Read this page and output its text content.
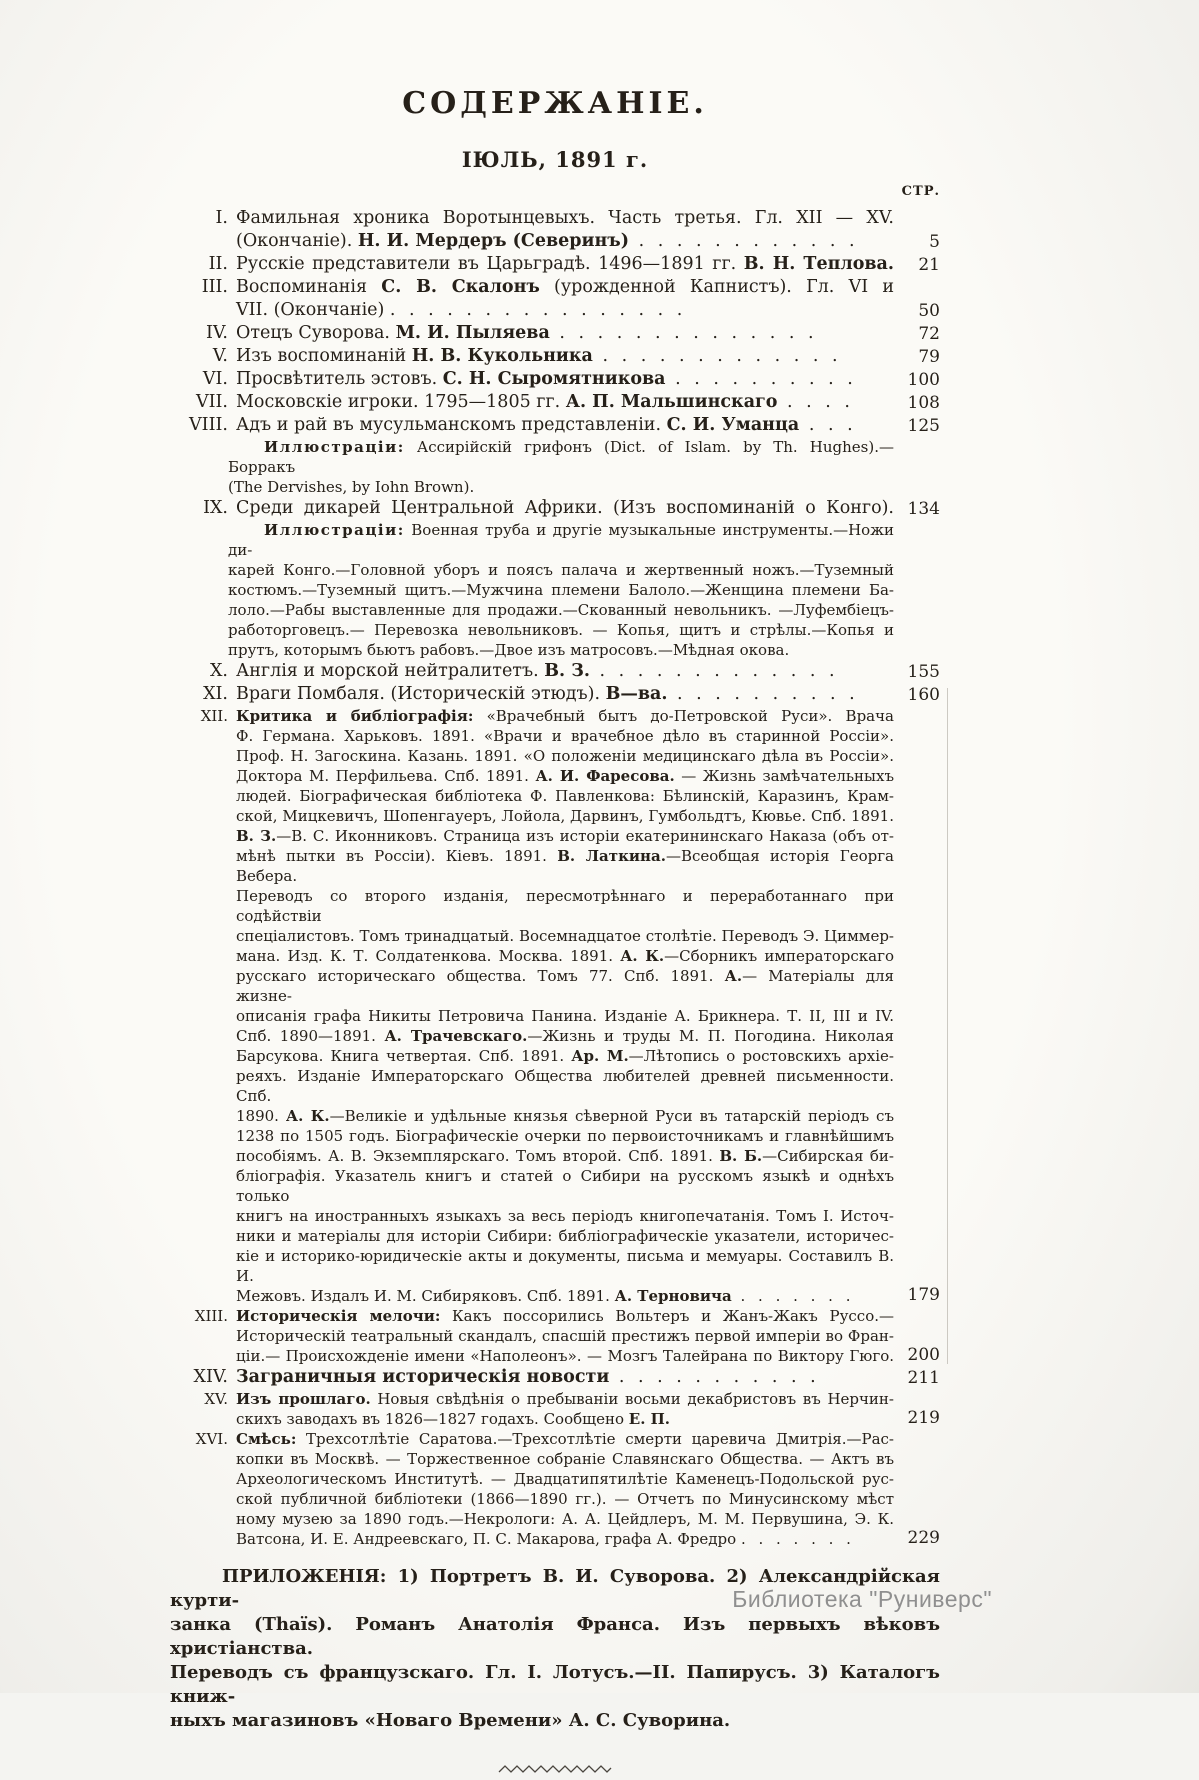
СОДЕРЖАНІЕ.
ІЮЛЬ, 1891 г.
СТР.
I. Фамильная хроника Воротынцевыхъ. Часть третья. Гл. XII — XV.
(Окончаніе). Н. И. Мердеръ (Северинъ) . . . . . . . . . . . .	5
II. Русскіе представители въ Царьградѣ. 1496—1891 гг. В. Н. Теплова.	21
III. Воспоминанія С. В. Скалонъ (урожденной Капнистъ). Гл. VI и
VII. (Окончаніе) . . . . . . . . . . . . . . . .	50
IV. Отецъ Суворова. М. И. Пыляева . . . . . . . . . . . . . .	72
V. Изъ воспоминаній Н. В. Кукольника . . . . . . . . . . . . .	79
VI. Просвѣтитель эстовъ. С. Н. Сыромятникова . . . . . . . . . .	100
VII. Московскіе игроки. 1795—1805 гг. А. П. Мальшинскаго . . . .	108
VIII. Адъ и рай въ мусульманскомъ представленіи. С. И. Уманца . . .	125
Иллюстраціи: Ассирійскій грифонъ (Dict. of Islam. by Th. Hughes).—Борракъ
(The Dervishes, by Iohn Brown).
IX. Среди дикарей Центральной Африки. (Изъ воспоминаній о Конго). 134
Иллюстраціи: Военная труба и другіе музыкальные инструменты.—Ножи ди-
карей Конго.—Головной уборъ и поясъ палача и жертвенный ножъ.—Туземный
костюмъ.—Туземный щитъ.—Мужчина племени Балоло.—Женщина племени Ба-
лоло.—Рабы выставленные для продажи.—Скованный невольникъ. —Луфембіецъ-
работорговецъ.— Перевозка невольниковъ. — Копья, щитъ и стрѣлы.—Копья и
прутъ, которымъ бьютъ рабовъ.—Двое изъ матросовъ.—Мѣдная окова.
X. Англія и морской нейтралитетъ. В. З. . . . . . . . . . . . . .	155
XI. Враги Помбаля. (Историческій этюдъ). В—ва. . . . . . . . . . .	160
XII. Критика и библіографія: «Врачебный бытъ до-Петровской Руси». Врача
Ф. Германа. Харьковъ. 1891. «Врачи и врачебное дѣло въ старинной Россіи».
Проф. Н. Загоскина. Казань. 1891. «О положеніи медицинскаго дѣла въ Россіи».
Доктора М. Перфильева. Спб. 1891. А. И. Фаресова. — Жизнь замѣчательныхъ
людей. Біографическая библіотека Ф. Павленкова: Бѣлинскій, Каразинъ, Крам-
ской, Мицкевичъ, Шопенгауеръ, Лойола, Дарвинъ, Гумбольдтъ, Кювье. Спб. 1891.
В. З.—В. С. Иконниковъ. Страница изъ исторіи екатерининскаго Наказа (объ от-
мѣнѣ пытки въ Россіи). Кіевъ. 1891. В. Латкина.—Всеобщая исторія Георга Вебера.
Переводъ со второго изданія, пересмотрѣннаго и переработаннаго при содѣйствіи
спеціалистовъ. Томъ тринадцатый. Восемнадцатое столѣтіе. Переводъ Э. Циммер-
мана. Изд. К. Т. Солдатенкова. Москва. 1891. А. К.—Сборникъ императорскаго
русскаго историческаго общества. Томъ 77. Спб. 1891. А.— Матеріалы для жизне-
описанія графа Никиты Петровича Панина. Изданіе А. Брикнера. Т. II, III и IV.
Спб. 1890—1891. А. Трачевскаго.—Жизнь и труды М. П. Погодина. Николая
Барсукова. Книга четвертая. Спб. 1891. Ар. М.—Лѣтопись о ростовскихъ архіе-
реяхъ. Изданіе Императорскаго Общества любителей древней письменности. Спб.
1890. А. К.—Великіе и удѣльные князья сѣверной Руси въ татарскій періодъ съ
1238 по 1505 годъ. Біографическіе очерки по первоисточникамъ и главнѣйшимъ
пособіямъ. А. В. Экземплярскаго. Томъ второй. Спб. 1891. В. Б.—Сибирская би-
бліографія. Указатель книгъ и статей о Сибири на русскомъ языкѣ и однѣхъ только
книгъ на иностранныхъ языкахъ за весь періодъ книгопечатанія. Томъ I. Источ-
ники и матеріалы для исторіи Сибири: библіографическіе указатели, историчес-
кіе и историко-юридическіе акты и документы, письма и мемуары. Составилъ В. И.
Межовъ. Издалъ И. М. Сибиряковъ. Спб. 1891. А. Терновича . . . . . . .	179
XIII. Историческія мелочи: Какъ поссорились Вольтеръ и Жанъ-Жакъ Руссо.—
Историческій театральный скандалъ, спасшій престижъ первой имперіи во Фран-
ціи.— Происхожденіе имени «Наполеонъ». — Мозгъ Талейрана по Виктору Гюго. 200
XIV. Заграничныя историческія новости . . . . . . . . . . .	211
XV. Изъ прошлаго. Новыя свѣдѣнія о пребываніи восьми декабристовъ въ Нерчин-
скихъ заводахъ въ 1826—1827 годахъ. Сообщено Е. П.	219
XVI. Смѣсь: Трехсотлѣтіе Саратова.—Трехсотлѣтіе смерти царевича Дмитрія.—Рас-
копки въ Москвѣ. — Торжественное собраніе Славянскаго Общества. — Актъ въ
Археологическомъ Институтѣ. — Двадцатипятилѣтіе Каменецъ-Подольской рус-
ской публичной библіотеки (1866—1890 гг.). — Отчетъ по Минусинскому мѣст
ному музею за 1890 годъ.—Некрологи: А. А. Цейдлеръ, М. М. Первушина, Э. К.
Ватсона, И. Е. Андреевскаго, П. С. Макарова, графа А. Фредро . . . . . . .	229
ПРИЛОЖЕНІЯ: 1) Портретъ В. И. Суворова. 2) Александрійская курти-
занка (Thaïs). Романъ Анатолія Франса. Изъ первыхъ вѣковъ христіанства.
Переводъ съ французскаго. Гл. I. Лотусъ.—II. Папирусъ. 3) Каталогъ книж-
ныхъ магазиновъ «Новаго Времени» А. С. Суворина.
Библиотека "Руниверс"
